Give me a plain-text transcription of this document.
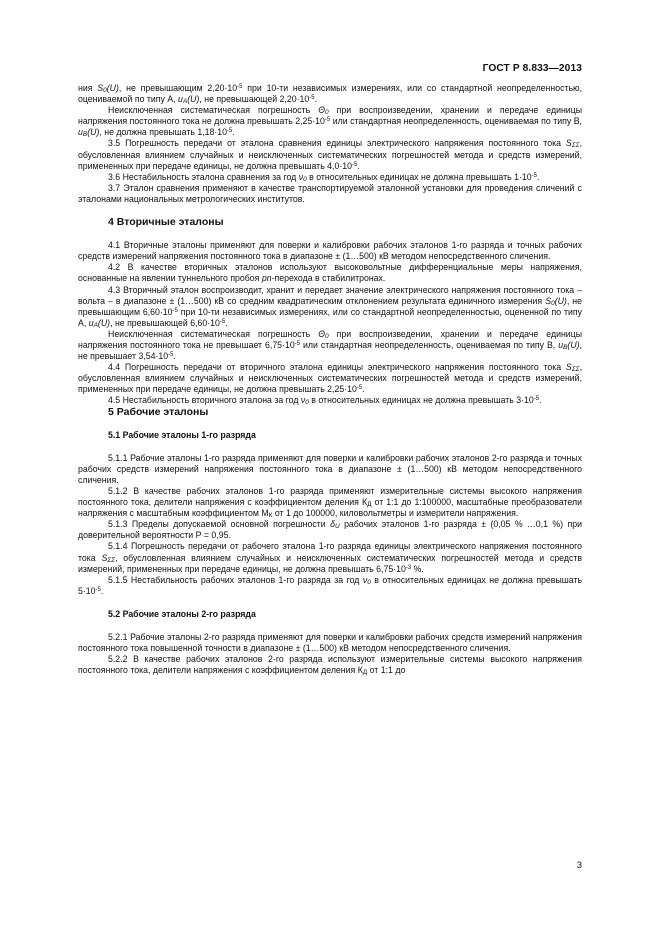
ГОСТ Р 8.833—2013

ния $S_0(U)$, не превышающим $2,20\cdot 10^{-5}$ при 10-ти независимых измерениях, или со стандартной неопределенностью, оцениваемой по типу А, $u_A(U)$, не превышающей $2,20\cdot 10^{-5}$.

Неисключенная систематическая погрешность $\Theta_0$ при воспроизведении, хранении и передаче единицы напряжения постоянного тока не должна превышать $2,25\cdot 10^{-5}$ или стандартная неопределенность, оцениваемая по типу В, $u_B(U)$, не должна превышать $1,18\cdot 10^{-5}$.

3.5 Погрешность передачи от эталона сравнения единицы электрического напряжения постоянного тока $S_{\Sigma\Sigma}$, обусловленная влиянием случайных и неисключенных систематических погрешностей метода и средств измерений, примененных при передаче единицы, не должна превышать $4,0\cdot 10^{-5}$.

3.6 Нестабильность эталона сравнения за год $\nu_0$ в относительных единицах не должна превышать $1\cdot 10^{-5}$.

3.7 Эталон сравнения применяют в качестве транспортируемой эталонной установки для проведения сличений с эталонами национальных метрологических институтов.

4 Вторичные эталоны

4.1 Вторичные эталоны применяют для поверки и калибровки рабочих эталонов 1-го разряда и точных рабочих средств измерений напряжения постоянного тока в диапазоне ± (1…500) кВ методом непосредственного сличения.

4.2 В качестве вторичных эталонов используют высоковольтные дифференциальные меры напряжения, основанные на явлении туннельного пробоя pn-перехода в стабилитронах.

4.3 Вторичный эталон воспроизводит, хранит и передает значение электрического напряжения постоянного тока – вольта – в диапазоне ± (1…500) кВ со средним квадратическим отклонением результата единичного измерения $S_0(U)$, не превышающим $6,60\cdot 10^{-5}$ при 10-ти независимых измерениях, или со стандартной неопределенностью, оцененной по типу А, $u_A(U)$, не превышающей $6,60\cdot 10^{-5}$.

Неисключенная систематическая погрешность $\Theta_0$ при воспроизведении, хранении и передаче единицы напряжения постоянного тока не превышает $6,75\cdot 10^{-5}$ или стандартная неопределенность, оцениваемая по типу В, $u_B(U)$, не превышает $3,54\cdot 10^{-5}$.

4.4 Погрешность передачи от вторичного эталона единицы электрического напряжения постоянного тока $S_{\Sigma\Sigma}$, обусловленная влиянием случайных и неисключенных систематических погрешностей метода и средств измерений, примененных при передаче единицы, не должна превышать $2,25\cdot 10^{-5}$.

4.5 Нестабильность вторичного эталона за год $\nu_0$ в относительных единицах не должна превышать $3\cdot 10^{-5}$.

5 Рабочие эталоны
5.1 Рабочие эталоны 1-го разряда

5.1.1 Рабочие эталоны 1-го разряда применяют для поверки и калибровки рабочих эталонов 2-го разряда и точных рабочих средств измерений напряжения постоянного тока в диапазоне ± (1…500) кВ методом непосредственного сличения.

5.1.2 В качестве рабочих эталонов 1-го разряда применяют измерительные системы высокого напряжения постоянного тока, делители напряжения с коэффициентом деления $К_Д$ от 1:1 до 1:100000, масштабные преобразователи напряжения с масштабным коэффициентом $М_К$ от 1 до 100000, киловольтметры и измерители напряжения.

5.1.3 Пределы допускаемой основной погрешности $\delta_U$ рабочих эталонов 1-го разряда ± (0,05 % …0,1 %) при доверительной вероятности Р = 0,95.

5.1.4 Погрешность передачи от рабочего эталона 1-го разряда единицы электрического напряжения постоянного тока $S_{\Sigma\Sigma}$, обусловленная влиянием случайных и неисключенных систематических погрешностей метода и средств измерений, примененных при передаче единицы, не должна превышать $6,75\cdot 10^{-3}$ %.

5.1.5 Нестабильность рабочих эталонов 1-го разряда за год $\nu_0$ в относительных единицах не должна превышать $5\cdot 10^{-5}$.

5.2 Рабочие эталоны 2-го разряда

5.2.1 Рабочие эталоны 2-го разряда применяют для поверки и калибровки рабочих средств измерений напряжения постоянного тока повышенной точности в диапазоне ± (1…500) кВ методом непосредственного сличения.

5.2.2 В качестве рабочих эталонов 2-го разряда используют измерительные системы высокого напряжения постоянного тока, делители напряжения с коэффициентом деления $К_Д$ от 1:1 до

3
